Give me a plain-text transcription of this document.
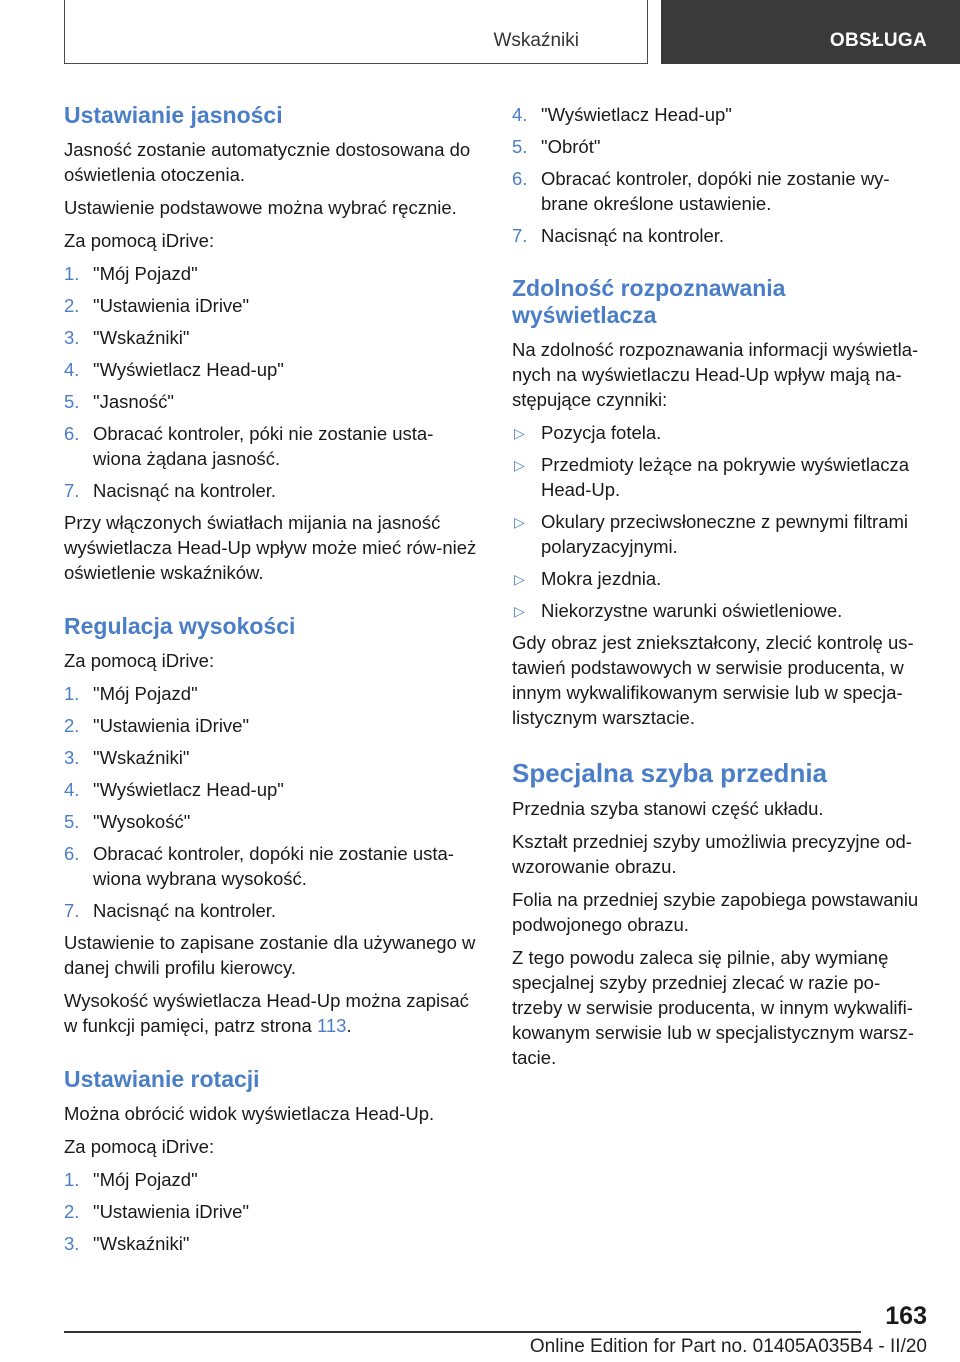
Wskaźniki	OBSŁUGA
Ustawianie jasności

Jasność zostanie automatycznie dostosowana do oświetlenia otoczenia.

Ustawienie podstawowe można wybrać ręcznie.

Za pomocą iDrive:

1. "Mój Pojazd"
2. "Ustawienia iDrive"
3. "Wskaźniki"
4. "Wyświetlacz Head-up"
5. "Jasność"
6. Obracać kontroler, póki nie zostanie usta-wiona żądana jasność.
7. Nacisnąć na kontroler.

Przy włączonych światłach mijania na jasność wyświetlacza Head-Up wpływ może mieć rów-nież oświetlenie wskaźników.

Regulacja wysokości

Za pomocą iDrive:

1. "Mój Pojazd"
2. "Ustawienia iDrive"
3. "Wskaźniki"
4. "Wyświetlacz Head-up"
5. "Wysokość"
6. Obracać kontroler, dopóki nie zostanie usta-wiona wybrana wysokość.
7. Nacisnąć na kontroler.

Ustawienie to zapisane zostanie dla używanego w danej chwili profilu kierowcy.

Wysokość wyświetlacza Head-Up można zapisać w funkcji pamięci, patrz strona 113.

Ustawianie rotacji

Można obrócić widok wyświetlacza Head-Up.

Za pomocą iDrive:

1. "Mój Pojazd"
2. "Ustawienia iDrive"
3. "Wskaźniki"
4. "Wyświetlacz Head-up"
5. "Obrót"
6. Obracać kontroler, dopóki nie zostanie wy-brane określone ustawienie.
7. Nacisnąć na kontroler.
Zdolność rozpoznawania wyświetlacza

Na zdolność rozpoznawania informacji wyświetla-nych na wyświetlaczu Head-Up wpływ mają na-stępujące czynniki:

▷ Pozycja fotela.
▷ Przedmioty leżące na pokrywie wyświetlacza Head-Up.
▷ Okulary przeciwsłoneczne z pewnymi filtrami polaryzacyjnymi.
▷ Mokra jezdnia.
▷ Niekorzystne warunki oświetleniowe.

Gdy obraz jest zniekształcony, zlecić kontrolę us-tawień podstawowych w serwisie producenta, w innym wykwalifikowanym serwisie lub w specja-listycznym warsztacie.

Specjalna szyba przednia

Przednia szyba stanowi część układu.

Kształt przedniej szyby umożliwia precyzyjne od-wzorowanie obrazu.

Folia na przedniej szybie zapobiega powstawaniu podwojonego obrazu.

Z tego powodu zaleca się pilnie, aby wymianę specjalnej szyby przedniej zlecać w razie po-trzeby w serwisie producenta, w innym wykwalifi-kowanym serwisie lub w specjalistycznym warsz-tacie.

163
Online Edition for Part no. 01405A035B4 - II/20
